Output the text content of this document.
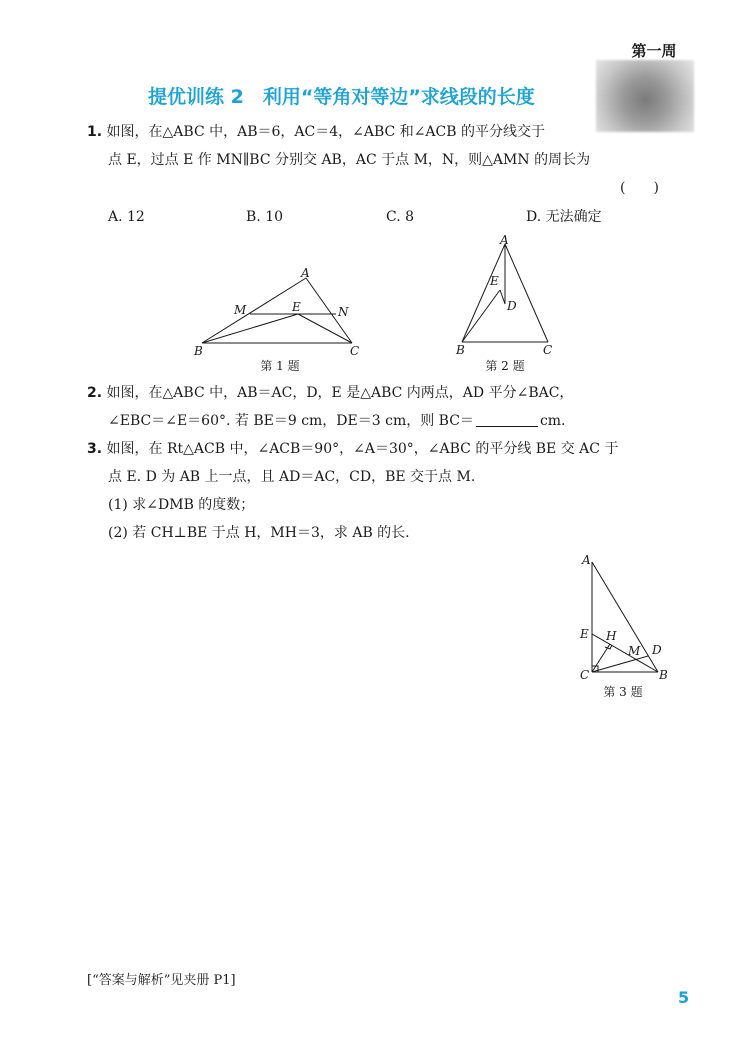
第一周
提优训练 2　利用“等角对等边”求线段的长度
1. 如图，在△ABC 中，AB＝6，AC＝4，∠ABC 和∠ACB 的平分线交于
点 E，过点 E 作 MN∥BC 分别交 AB，AC 于点 M，N，则△AMN 的周长为
(　　)
A. 12	B. 10	C. 8	D. 无法确定
A
B	C
M	E	N
第 1 题
A
B	C
E
D
第 2 题
2. 如图，在△ABC 中，AB＝AC，D，E 是△ABC 内两点，AD 平分∠BAC，
∠EBC＝∠E＝60°. 若 BE＝9 cm，DE＝3 cm，则 BC＝	cm.
3. 如图，在 Rt△ACB 中，∠ACB＝90°，∠A＝30°，∠ABC 的平分线 BE 交 AC 于
点 E. D 为 AB 上一点，且 AD＝AC，CD，BE 交于点 M.
(1) 求∠DMB 的度数；
(2) 若 CH⊥BE 于点 H，MH＝3，求 AB 的长.
A
E H
M D
C	B
第 3 题
[“答案与解析”见夹册 P1]
5
